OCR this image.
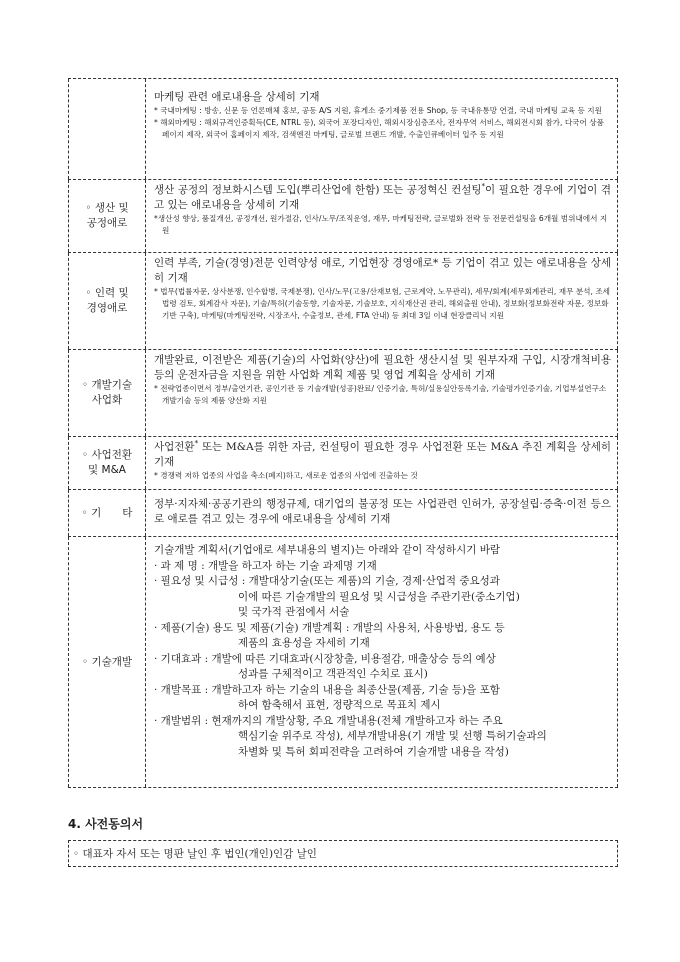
마케팅 관련 애로내용을 상세히 기재

* 국내마케팅 : 방송, 신문 등 언론매체 홍보, 공동 A/S 지원, 휴게소 중기제품 전용 Shop, 등 국내유통망 연결, 국내 마케팅 교육 등 지원

* 해외마케팅 : 해외규격인증획득(CE, NTRL 등), 외국어 포장디자인, 해외시장심층조사, 전자무역 서비스, 해외전시회 참가, 다국어 상품페이지 제작, 외국어 홈페이지 제작, 검색엔진 마케팅, 글로벌 브랜드 개발, 수출인큐베이터 입주 등 지원

◦ 생산 및
공정애로

생산 공정의 정보화시스템 도입(뿌리산업에 한함) 또는 공정혁신 컨설팅*이 필요한 경우에 기업이 겪고 있는 애로내용을 상세히 기재

*생산성 향상, 품질개선, 공정개선, 원가절감, 인사/노무/조직운영, 재무, 마케팅전략, 글로벌화 전략 등 전문컨설팅을 6개월 범위내에서 지원

◦ 인력 및
경영애로

인력 부족, 기술(경영)전문 인력양성 애로, 기업현장 경영애로* 등 기업이 겪고 있는 애로내용을 상세히 기재

* 법무(법률자문, 상사분쟁, 인수합병, 국제분쟁), 인사/노무(고용/산재보험, 근로계약, 노무관리), 세무/회계(세무회계관리, 재무 분석, 조세법령 검토, 회계감사 자문), 기술/특허(기술동향, 기술자문, 기술보호, 지식재산권 관리, 해외출원 안내), 정보화(정보화전략 자문, 정보화기반 구축), 마케팅(마케팅전략, 시장조사, 수출정보, 관세, FTA 안내) 등 최대 3일 이내 현장클리닉 지원

◦ 개발기술
사업화

개발완료, 이전받은 제품(기술)의 사업화(양산)에 필요한 생산시설 및 원부자재 구입, 시장개척비용 등의 운전자금을 지원을 위한 사업화 계획 제품 및 영업 계획을 상세히 기재

* 전략업종이면서 정부/출연기관, 공인기관 등 기술개발(성공)완료/ 인증기술, 특허/실용실안등록기술, 기술평가인증기술, 기업부설연구소 개발기술 등의 제품 양산화 지원

◦ 사업전환
및 M&A

사업전환* 또는 M&A를 위한 자금, 컨설팅이 필요한 경우 사업전환 또는 M&A 추진 계획을 상세히 기재

* 경쟁력 저하 업종의 사업을 축소(폐지)하고, 새로운 업종의 사업에 진출하는 것

◦ 기　　타

정부·지자체·공공기관의 행정규제, 대기업의 불공정 또는 사업관련 인허가, 공장설립·증축·이전 등으로 애로를 겪고 있는 경우에 애로내용을 상세히 기재

◦ 기술개발

기술개발 계획서(기업애로 세부내용의 별지)는 아래와 같이 작성하시기 바람

· 과 제 명 : 개발을 하고자 하는 기술 과제명 기재

· 필요성 및 시급성 : 개발대상기술(또는 제품)의 기술, 경제·산업적 중요성과

이에 따른 기술개발의 필요성 및 시급성을 주관기관(중소기업)

및 국가적 관점에서 서술

· 제품(기술) 용도 및 제품(기술) 개발계획 : 개발의 사용처, 사용방법, 용도 등

제품의 효용성을 자세히 기재

· 기대효과 : 개발에 따른 기대효과(시장창출, 비용절감, 매출상승 등의 예상

성과를 구체적이고 객관적인 수치로 표시)

· 개발목표 : 개발하고자 하는 기술의 내용을 최종산물(제품, 기술 등)을 포함

하여 함축해서 표현, 정량적으로 목표치 제시

· 개발범위 : 현재까지의 개발상황, 주요 개발내용(전체 개발하고자 하는 주요

핵심기술 위주로 작성), 세부개발내용(기 개발 및 선행 특허기술과의

차별화 및 특허 회피전략을 고려하여 기술개발 내용을 작성)

4. 사전동의서
◦ 대표자 자서 또는 명판 날인 후 법인(개인)인감 날인
